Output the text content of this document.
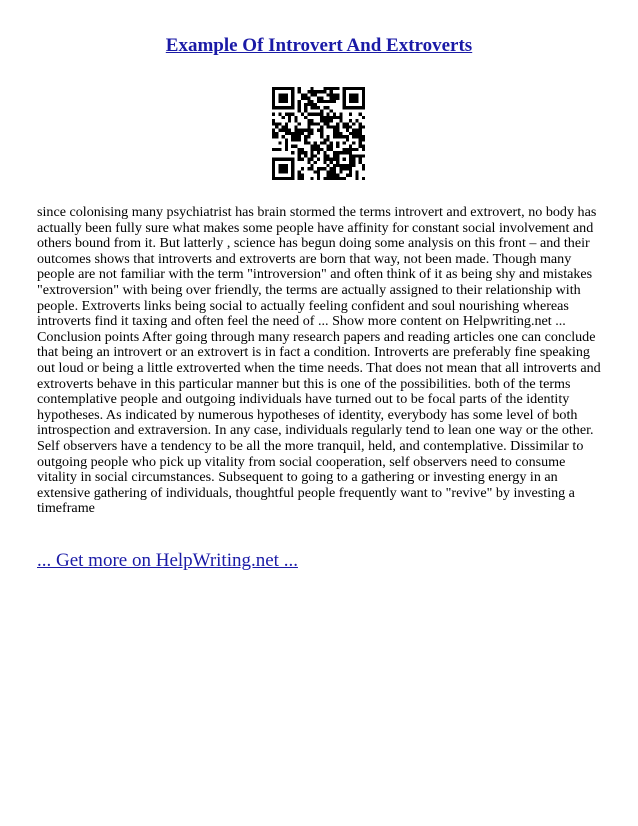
Example Of Introvert And Extroverts
since colonising many psychiatrist has brain stormed the terms introvert and extrovert, no body has actually been fully sure what makes some people have affinity for constant social involvement and others bound from it. But latterly , science has begun doing some analysis on this front – and their outcomes shows that introverts and extroverts are born that way, not been made. Though many people are not familiar with the term "introversion" and often think of it as being shy and mistakes "extroversion" with being over friendly, the terms are actually assigned to their relationship with people. Extroverts links being social to actually feeling confident and soul nourishing whereas introverts find it taxing and often feel the need of ... Show more content on Helpwriting.net ... Conclusion points After going through many research papers and reading articles one can conclude that being an introvert or an extrovert is in fact a condition. Introverts are preferably fine speaking out loud or being a little extroverted when the time needs. That does not mean that all introverts and extroverts behave in this particular manner but this is one of the possibilities. both of the terms contemplative people and outgoing individuals have turned out to be focal parts of the identity hypotheses. As indicated by numerous hypotheses of identity, everybody has some level of both introspection and extraversion. In any case, individuals regularly tend to lean one way or the other. Self observers have a tendency to be all the more tranquil, held, and contemplative. Dissimilar to outgoing people who pick up vitality from social cooperation, self observers need to consume vitality in social circumstances. Subsequent to going to a gathering or investing energy in an extensive gathering of individuals, thoughtful people frequently want to "revive" by investing a timeframe
... Get more on HelpWriting.net ...
